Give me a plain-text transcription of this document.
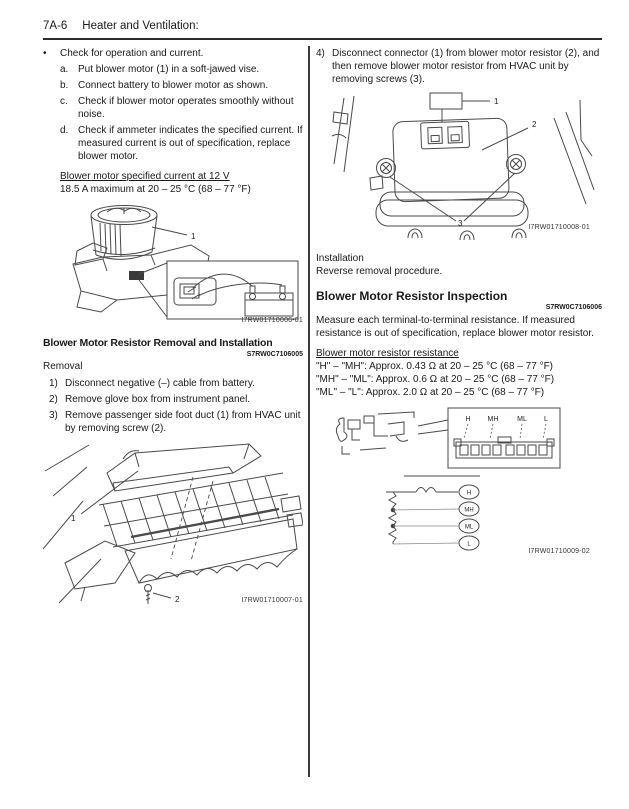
7A-6 Heater and Ventilation:
•	Check for operation and current.
a. Put blower motor (1) in a soft-jawed vise.
b. Connect battery to blower motor as shown.
c.	Check if blower motor operates smoothly without noise.
d. Check if ammeter indicates the specified current. If measured current is out of specification, replace blower motor.
Blower motor specified current at 12 V
18.5 A maximum at 20 – 25 °C (68 – 77 °F)
1
I7RW01710006-01
Blower Motor Resistor Removal and Installation
S7RW0C7106005
Removal
1) Disconnect negative (–) cable from battery.
2) Remove glove box from instrument panel.
3) Remove passenger side foot duct (1) from HVAC unit by removing screw (2).
1
2	I7RW01710007-01
4) Disconnect connector (1) from blower motor resistor (2), and then remove blower motor resistor from HVAC unit by removing screws (3).
1
2
3	I7RW01710008-01
Installation
Reverse removal procedure.
Blower Motor Resistor Inspection
S7RW0C7106006
Measure each terminal-to-terminal resistance. If measured resistance is out of specification, replace blower motor resistor.
Blower motor resistor resistance
"H" – "MH": Approx. 0.43 Ω at 20 – 25 °C (68 – 77 °F)
"MH" – "ML": Approx. 0.6 Ω at 20 – 25 °C (68 – 77 °F)
"ML" – "L": Approx. 2.0 Ω at 20 – 25 °C (68 – 77 °F)
H MH	ML L
H
MH
ML
L
I7RW01710009-02
